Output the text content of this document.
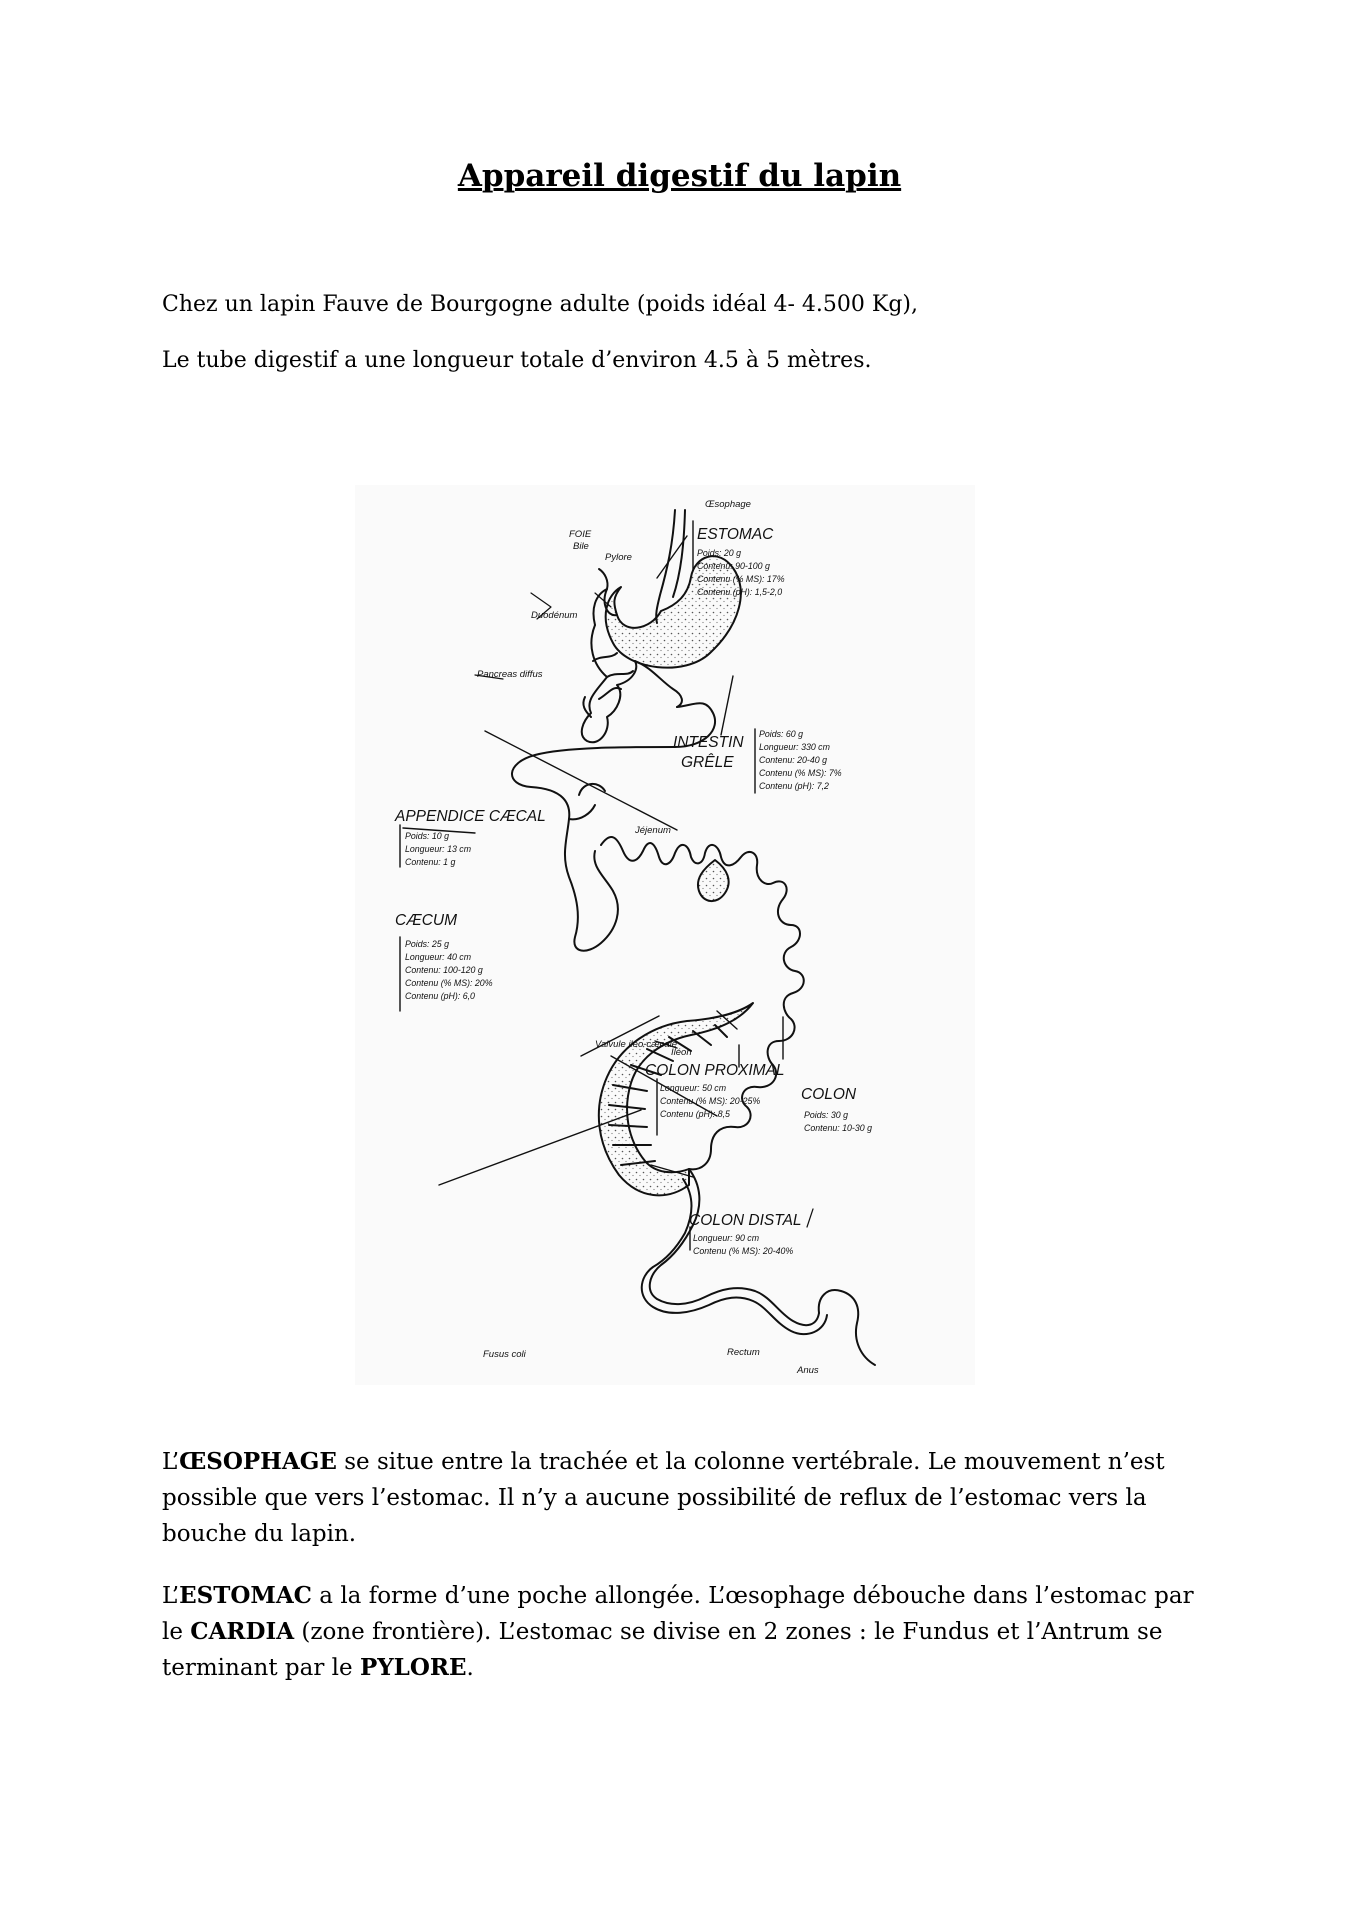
Appareil digestif du lapin
Chez un lapin Fauve de Bourgogne adulte (poids idéal 4- 4.500 Kg),
Le tube digestif a une longueur totale d’environ 4.5 à 5 mètres.
Œsophage
FOIE
Bile
Pylore
Duodénum
Pancreas diffus
Jéjenum
Valvule iléo-cæcale
Iléon
Fusus coli	Rectum
Anus
ESTOMAC
Poids: 20 g
Contenu: 90-100 g
Contenu (% MS): 17%
Contenu (pH): 1,5-2,0
INTESTIN
GRÊLE
Poids: 60 g
Longueur: 330 cm
Contenu: 20-40 g
Contenu (% MS): 7%
Contenu (pH): 7,2
APPENDICE CÆCAL
Poids: 10 g
Longueur: 13 cm
Contenu: 1 g
CÆCUM
Poids: 25 g
Longueur: 40 cm
Contenu: 100-120 g
Contenu (% MS): 20%
Contenu (pH): 6,0
COLON PROXIMAL
Longueur: 50 cm
Contenu (% MS): 20-25%
Contenu (pH): 8,5
COLON
Poids: 30 g
Contenu: 10-30 g
COLON DISTAL
Longueur: 90 cm
Contenu (% MS): 20-40%
L’ŒSOPHAGE se situe entre la trachée et la colonne vertébrale. Le mouvement n’est possible que vers l’estomac. Il n’y a aucune possibilité de reflux de l’estomac vers la bouche du lapin.
L’ESTOMAC a la forme d’une poche allongée. L’œsophage débouche dans l’estomac par le CARDIA (zone frontière). L’estomac se divise en 2 zones : le Fundus et l’Antrum se terminant par le PYLORE.
